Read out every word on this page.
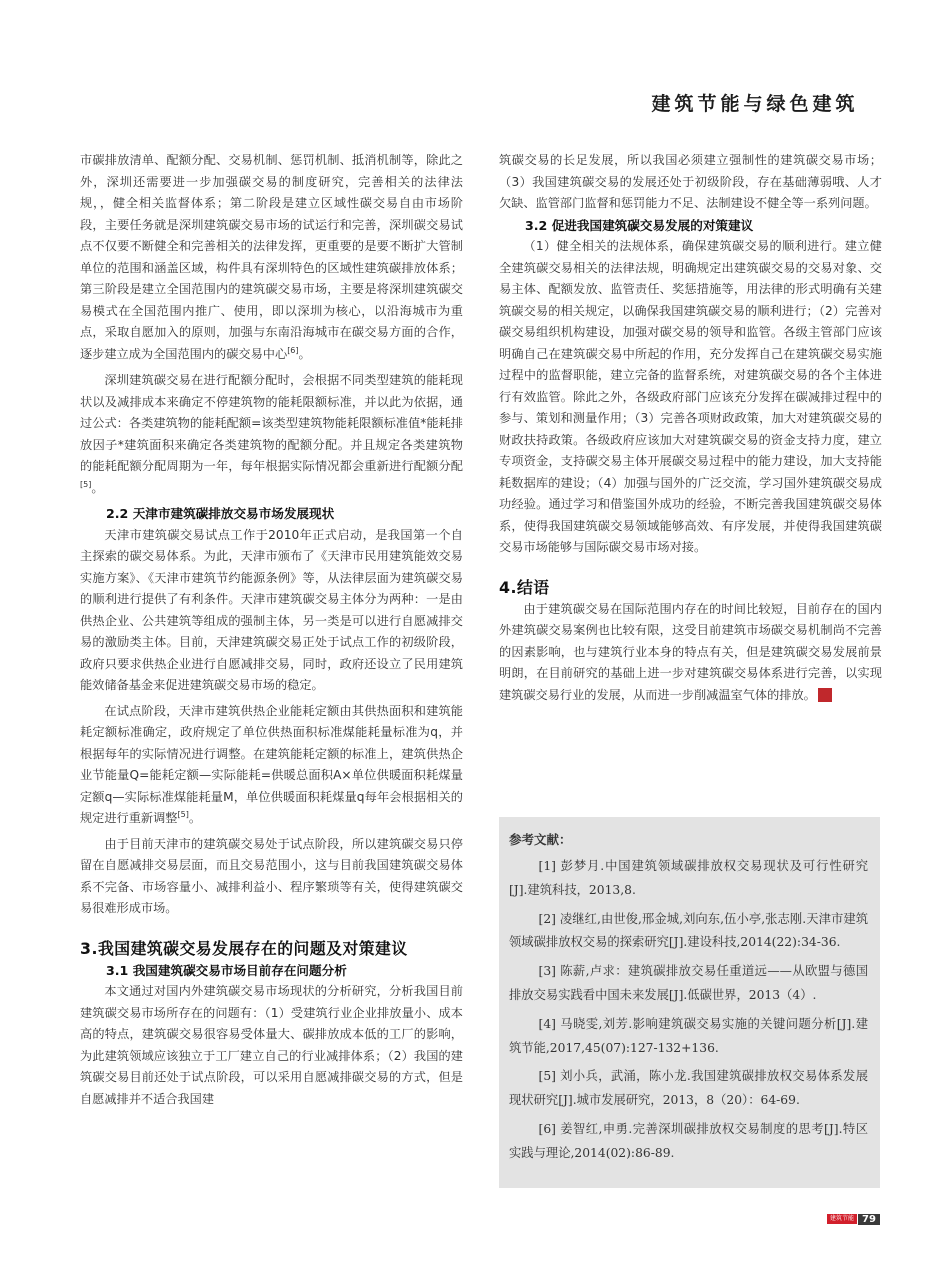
建筑节能与绿色建筑

市碳排放清单、配额分配、交易机制、惩罚机制、抵消机制等，除此之外，深圳还需要进一步加强碳交易的制度研究，完善相关的法律法规，，健全相关监督体系；第二阶段是建立区域性碳交易自由市场阶段，主要任务就是深圳建筑碳交易市场的试运行和完善，深圳碳交易试点不仅要不断健全和完善相关的法律发挥，更重要的是要不断扩大管制单位的范围和涵盖区域，构件具有深圳特色的区域性建筑碳排放体系；第三阶段是建立全国范围内的建筑碳交易市场，主要是将深圳建筑碳交易模式在全国范围内推广、使用，即以深圳为核心，以沿海城市为重点，采取自愿加入的原则，加强与东南沿海城市在碳交易方面的合作，逐步建立成为全国范围内的碳交易中心[6]。

深圳建筑碳交易在进行配额分配时，会根据不同类型建筑的能耗现状以及减排成本来确定不停建筑物的能耗限额标准，并以此为依据，通过公式：各类建筑物的能耗配额=该类型建筑物能耗限额标准值*能耗排放因子*建筑面积来确定各类建筑物的配额分配。并且规定各类建筑物的能耗配额分配周期为一年，每年根据实际情况都会重新进行配额分配[5]。

2.2 天津市建筑碳排放交易市场发展现状

天津市建筑碳交易试点工作于2010年正式启动，是我国第一个自主探索的碳交易体系。为此，天津市颁布了《天津市民用建筑能效交易实施方案》、《天津市建筑节约能源条例》等，从法律层面为建筑碳交易的顺利进行提供了有利条件。天津市建筑碳交易主体分为两种：一是由供热企业、公共建筑等组成的强制主体，另一类是可以进行自愿减排交易的激励类主体。目前，天津建筑碳交易正处于试点工作的初级阶段，政府只要求供热企业进行自愿减排交易，同时，政府还设立了民用建筑能效储备基金来促进建筑碳交易市场的稳定。

在试点阶段，天津市建筑供热企业能耗定额由其供热面积和建筑能耗定额标准确定，政府规定了单位供热面积标准煤能耗量标准为q，并根据每年的实际情况进行调整。在建筑能耗定额的标准上，建筑供热企业节能量Q=能耗定额—实际能耗=供暖总面积A×单位供暖面积耗煤量定额q—实际标准煤能耗量M，单位供暖面积耗煤量q每年会根据相关的规定进行重新调整[5]。

由于目前天津市的建筑碳交易处于试点阶段，所以建筑碳交易只停留在自愿减排交易层面，而且交易范围小，这与目前我国建筑碳交易体系不完备、市场容量小、减排利益小、程序繁琐等有关，使得建筑碳交易很难形成市场。

3.我国建筑碳交易发展存在的问题及对策建议

3.1 我国建筑碳交易市场目前存在问题分析

本文通过对国内外建筑碳交易市场现状的分析研究，分析我国目前建筑碳交易市场所存在的问题有：（1）受建筑行业企业排放量小、成本高的特点，建筑碳交易很容易受体量大、碳排放成本低的工厂的影响，为此建筑领域应该独立于工厂建立自己的行业减排体系；（2）我国的建筑碳交易目前还处于试点阶段，可以采用自愿减排碳交易的方式，但是自愿减排并不适合我国建

筑碳交易的长足发展，所以我国必须建立强制性的建筑碳交易市场；（3）我国建筑碳交易的发展还处于初级阶段，存在基础薄弱哦、人才欠缺、监管部门监督和惩罚能力不足、法制建设不健全等一系列问题。

3.2 促进我国建筑碳交易发展的对策建议

（1）健全相关的法规体系，确保建筑碳交易的顺利进行。建立健全建筑碳交易相关的法律法规，明确规定出建筑碳交易的交易对象、交易主体、配额发放、监管责任、奖惩措施等，用法律的形式明确有关建筑碳交易的相关规定，以确保我国建筑碳交易的顺利进行；（2）完善对碳交易组织机构建设，加强对碳交易的领导和监管。各级主管部门应该明确自己在建筑碳交易中所起的作用，充分发挥自己在建筑碳交易实施过程中的监督职能，建立完备的监督系统，对建筑碳交易的各个主体进行有效监管。除此之外，各级政府部门应该充分发挥在碳减排过程中的参与、策划和测量作用；（3）完善各项财政政策，加大对建筑碳交易的财政扶持政策。各级政府应该加大对建筑碳交易的资金支持力度，建立专项资金，支持碳交易主体开展碳交易过程中的能力建设，加大支持能耗数据库的建设；（4）加强与国外的广泛交流，学习国外建筑碳交易成功经验。通过学习和借鉴国外成功的经验，不断完善我国建筑碳交易体系，使得我国建筑碳交易领域能够高效、有序发展，并使得我国建筑碳交易市场能够与国际碳交易市场对接。

4.结语

由于建筑碳交易在国际范围内存在的时间比较短，目前存在的国内外建筑碳交易案例也比较有限，这受目前建筑市场碳交易机制尚不完善的因素影响，也与建筑行业本身的特点有关，但是建筑碳交易发展前景明朗，在目前研究的基础上进一步对建筑碳交易体系进行完善，以实现建筑碳交易行业的发展，从而进一步削减温室气体的排放。	C

参考文献：

[1] 彭梦月.中国建筑领域碳排放权交易现状及可行性研究 [J].建筑科技，2013,8.

[2] 凌继红,由世俊,邢金城,刘向东,伍小亭,张志刚.天津市建筑领域碳排放权交易的探索研究[J].建设科技,2014(22):34-36.

[3] 陈薪,卢求：建筑碳排放交易任重道远——从欧盟与德国排放交易实践看中国未来发展[J].低碳世界，2013（4）.

[4] 马晓雯,刘芳.影响建筑碳交易实施的关键问题分析[J].建筑节能,2017,45(07):127-132+136.

[5] 刘小兵，武涌，陈小龙.我国建筑碳排放权交易体系发展现状研究[J].城市发展研究，2013，8（20）：64-69.

[6] 姜智红,申勇.完善深圳碳排放权交易制度的思考[J].特区实践与理论,2014(02):86-89.

建筑节能 79
